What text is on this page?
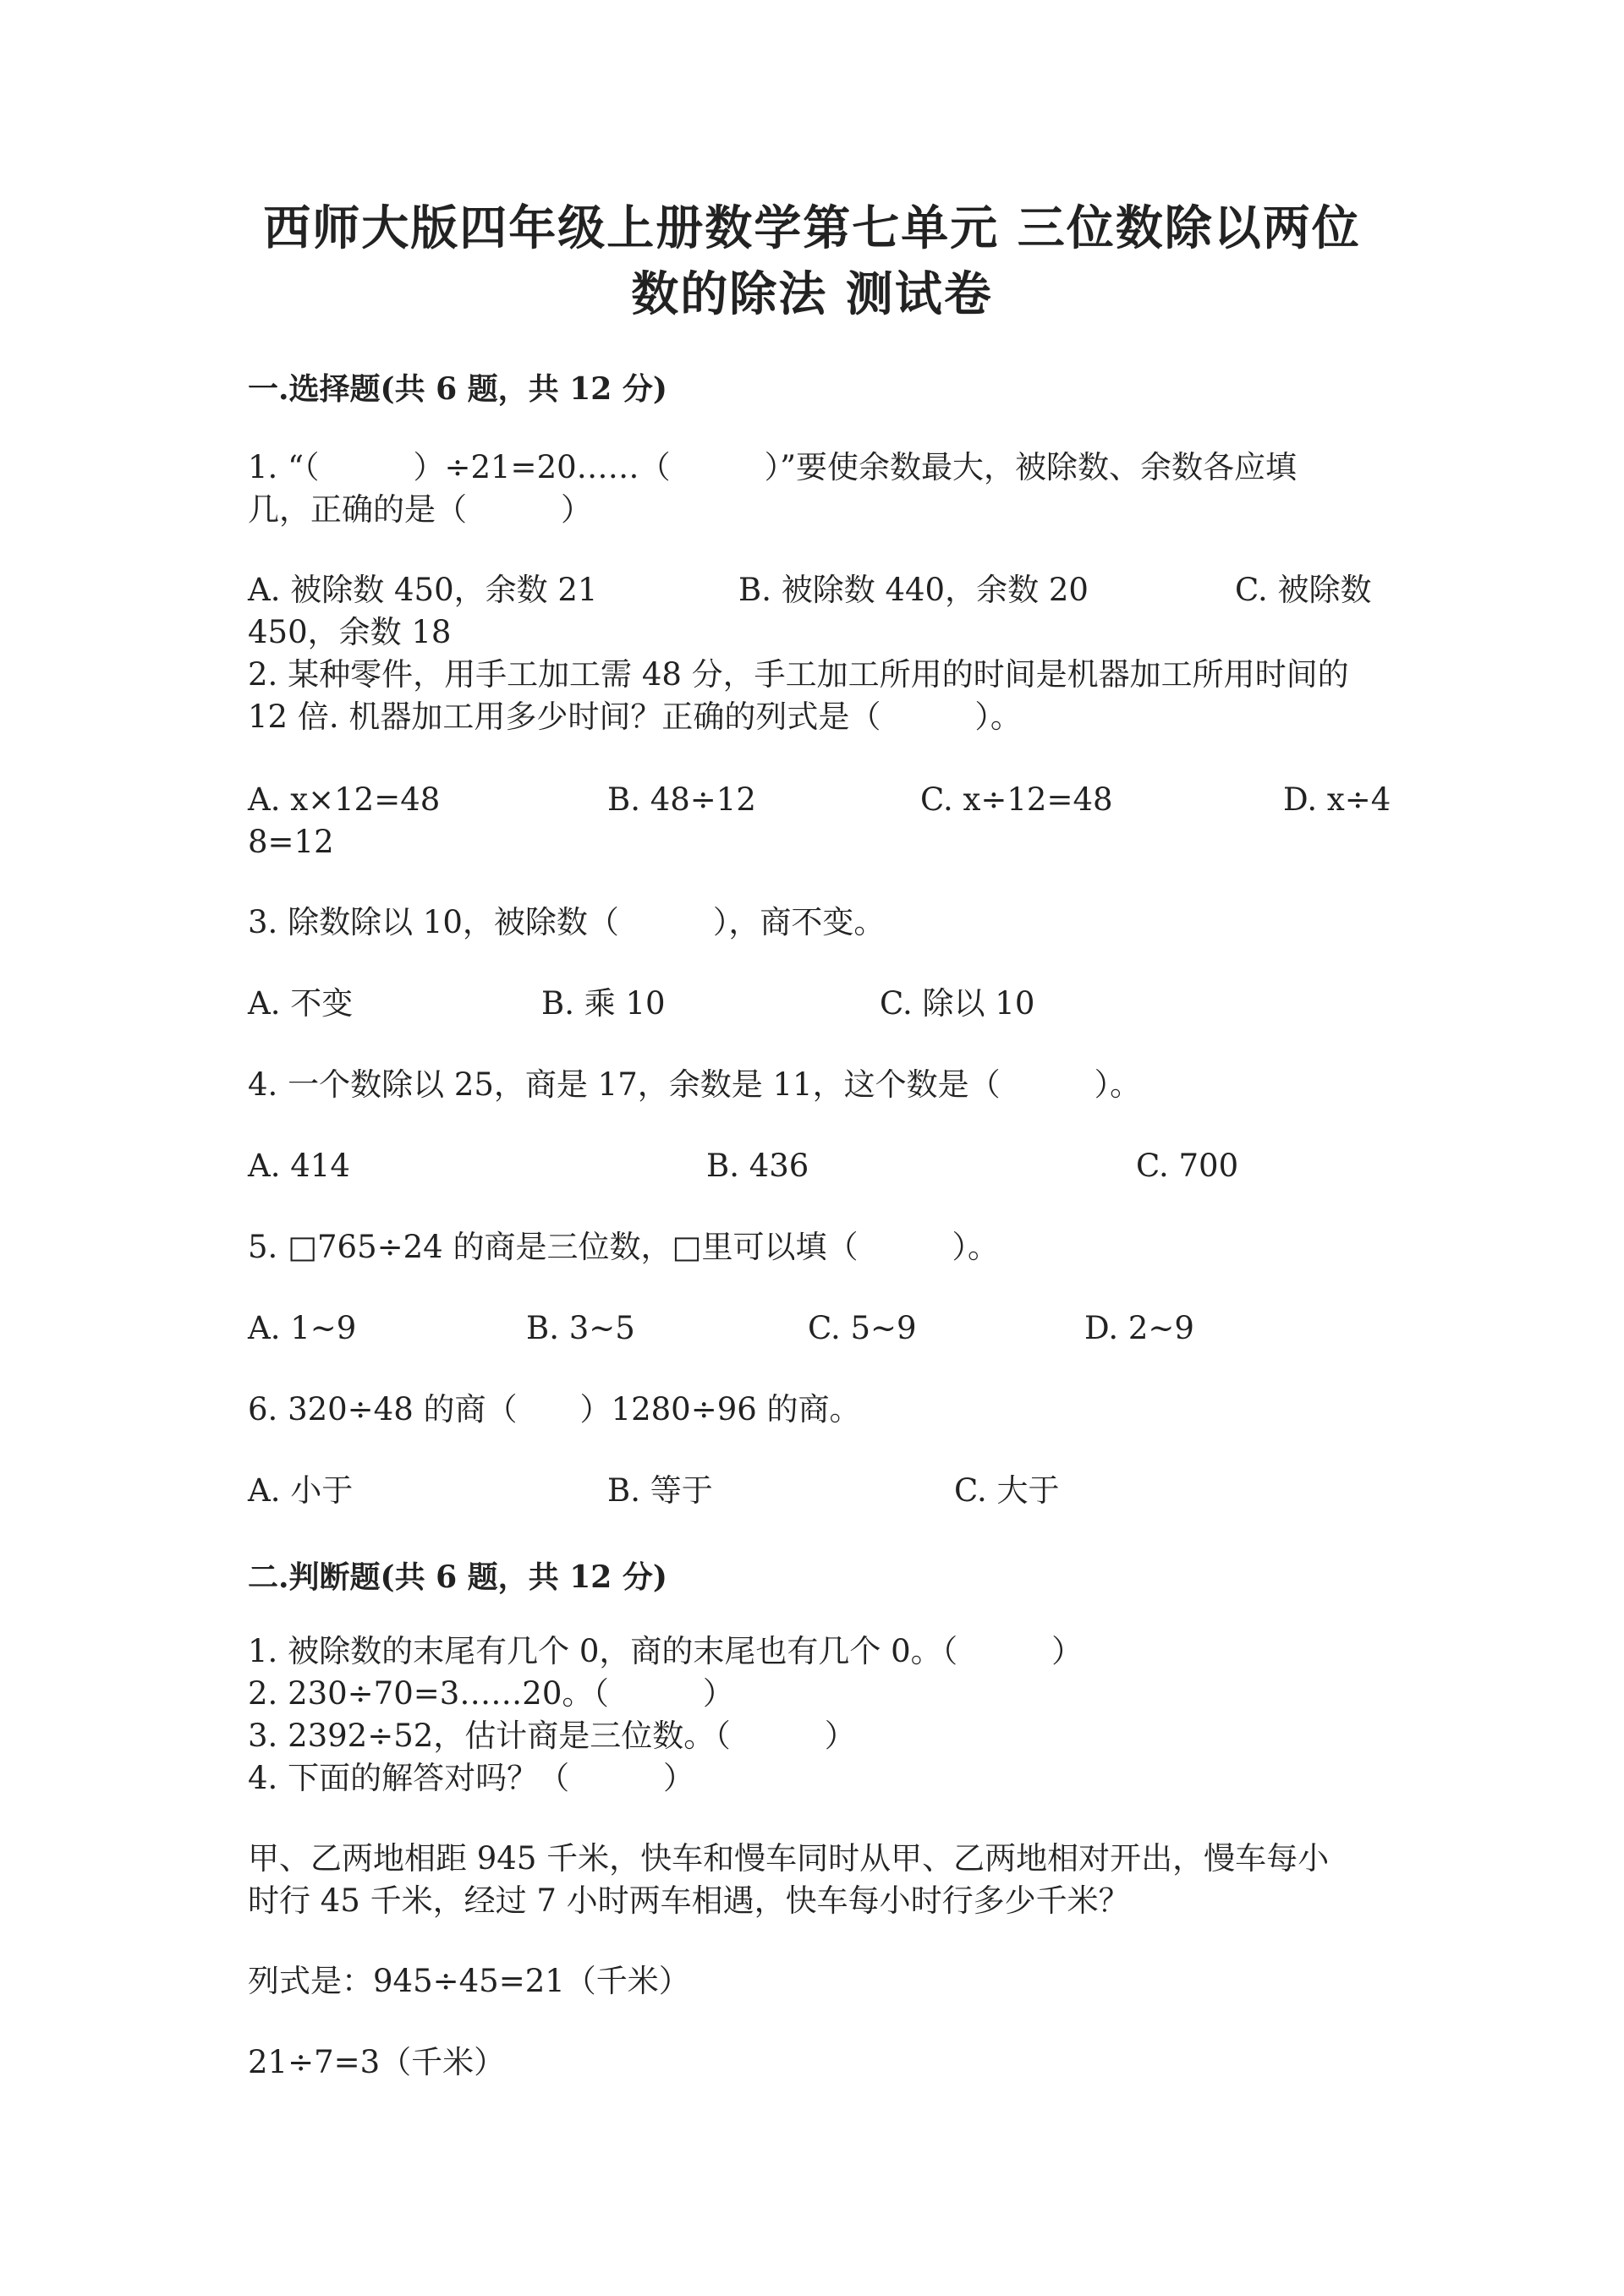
西师大版四年级上册数学第七单元 三位数除以两位
数的除法 测试卷
一.选择题(共 6 题，共 12 分)
1. “（　　　）÷21=20……（　　　）”要使余数最大，被除数、余数各应填
几，正确的是（　　　）
A. 被除数 450，余数 21	B. 被除数 440，余数 20	C. 被除数
450，余数 18
2. 某种零件，用手工加工需 48 分，手工加工所用的时间是机器加工所用时间的
12 倍. 机器加工用多少时间？正确的列式是（　　　）。
A. x×12=48	B. 48÷12	C. x÷12=48	D. x÷4
8=12
3. 除数除以 10，被除数（　　　），商不变。
A. 不变	B. 乘 10	C. 除以 10
4. 一个数除以 25，商是 17，余数是 11，这个数是（　　　）。
A. 414	B. 436	C. 700
5. □765÷24 的商是三位数，□里可以填（　　　）。
A. 1~9	B. 3~5	C. 5~9	D. 2~9
6. 320÷48 的商（　　）1280÷96 的商。
A. 小于	B. 等于	C. 大于
二.判断题(共 6 题，共 12 分)
1. 被除数的末尾有几个 0，商的末尾也有几个 0。（　　　）
2. 230÷70=3……20。（　　　）
3. 2392÷52，估计商是三位数。（　　　）
4. 下面的解答对吗？（　　　）
甲、乙两地相距 945 千米，快车和慢车同时从甲、乙两地相对开出，慢车每小
时行 45 千米，经过 7 小时两车相遇，快车每小时行多少千米？
列式是：945÷45=21（千米）
21÷7=3（千米）
